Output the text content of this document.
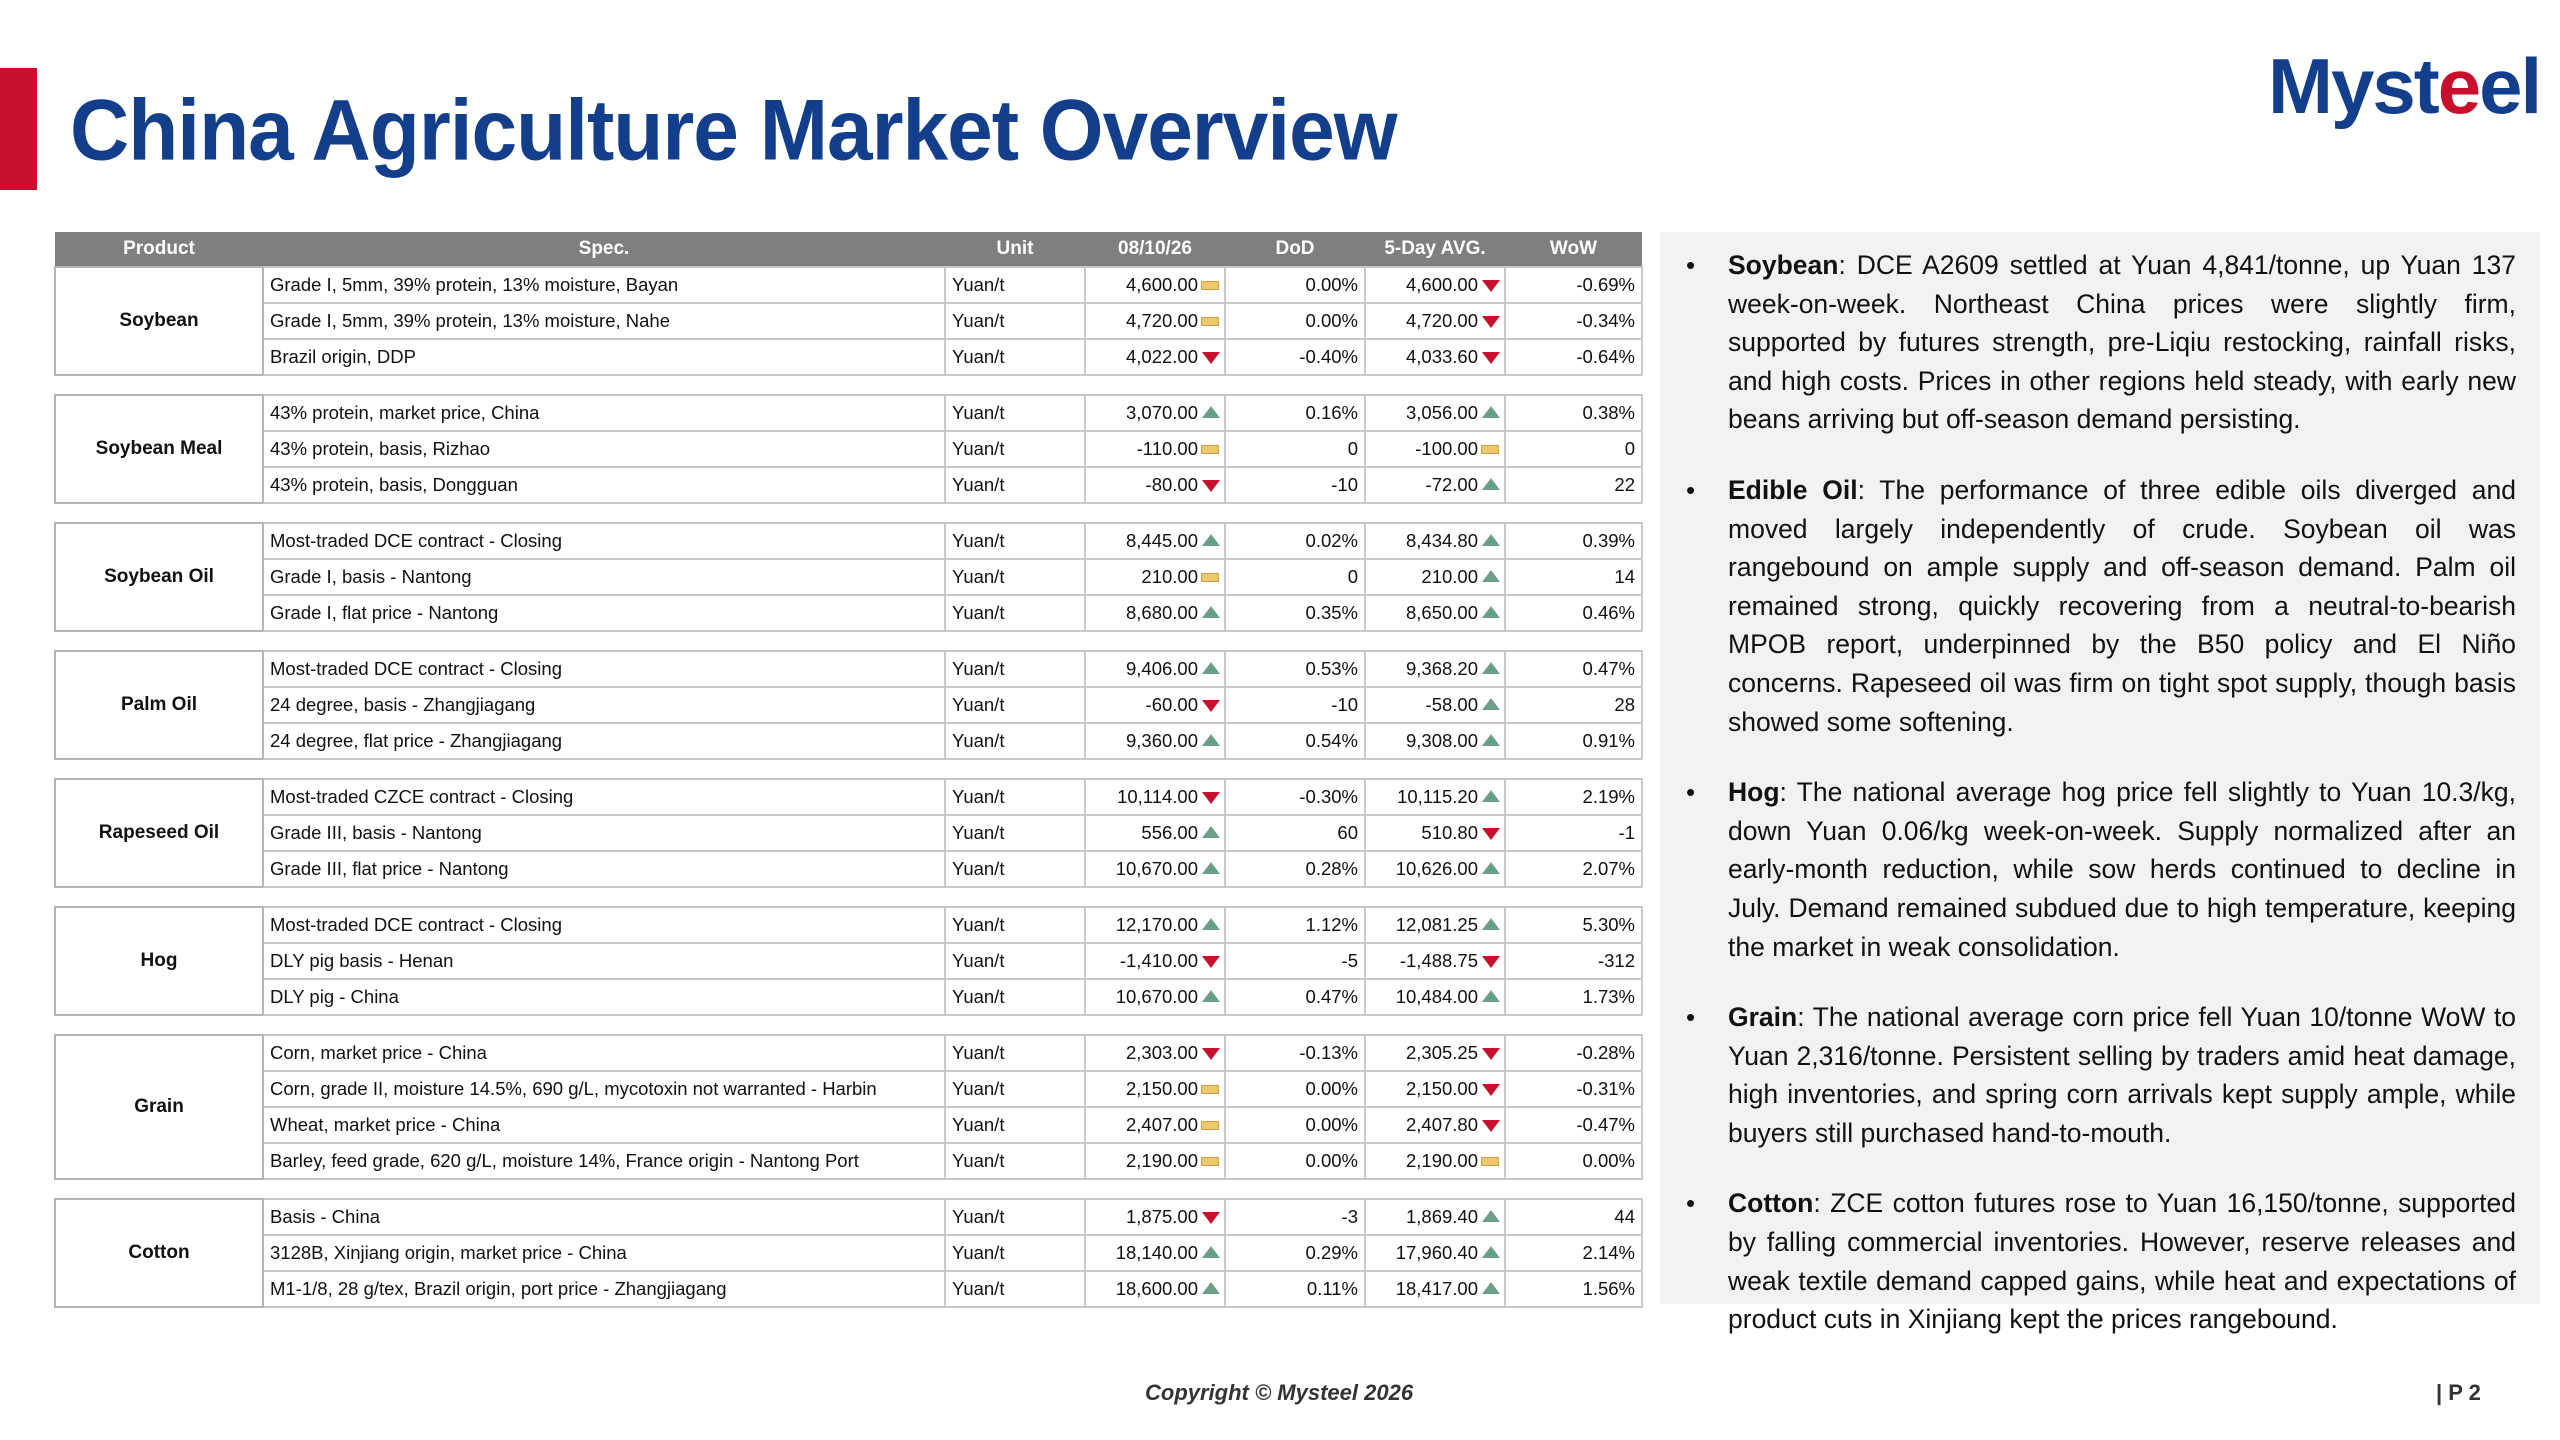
China Agriculture Market Overview	Myst e el
Product	Spec.	Unit	08/10/26	DoD	5-Day AVG.	WoW
Soybean	Grade I, 5mm, 39% protein, 13% moisture, Bayan	Yuan/t	4,600.00	0.00%	4,600.00	-0.69%
	Grade I, 5mm, 39% protein, 13% moisture, Nahe	Yuan/t	4,720.00	0.00%	4,720.00	-0.34%
	Brazil origin, DDP	Yuan/t	4,022.00	-0.40%	4,033.60	-0.64%

Soybean Meal	43% protein, market price, China	Yuan/t	3,070.00	0.16%	3,056.00	0.38%
	43% protein, basis, Rizhao	Yuan/t	-110.00	0	-100.00	0
	43% protein, basis, Dongguan	Yuan/t	-80.00	-10	-72.00	22

Soybean Oil	Most-traded DCE contract - Closing	Yuan/t	8,445.00	0.02%	8,434.80	0.39%
	Grade I, basis - Nantong	Yuan/t	210.00	0	210.00	14
	Grade I, flat price - Nantong	Yuan/t	8,680.00	0.35%	8,650.00	0.46%

Palm Oil	Most-traded DCE contract - Closing	Yuan/t	9,406.00	0.53%	9,368.20	0.47%
	24 degree, basis - Zhangjiagang	Yuan/t	-60.00	-10	-58.00	28
	24 degree, flat price - Zhangjiagang	Yuan/t	9,360.00	0.54%	9,308.00	0.91%

Rapeseed Oil	Most-traded CZCE contract - Closing	Yuan/t	10,114.00	-0.30%	10,115.20	2.19%
	Grade III, basis - Nantong	Yuan/t	556.00	60	510.80	-1
	Grade III, flat price - Nantong	Yuan/t	10,670.00	0.28%	10,626.00	2.07%

Hog	Most-traded DCE contract - Closing	Yuan/t	12,170.00	1.12%	12,081.25	5.30%
	DLY pig basis - Henan	Yuan/t	-1,410.00	-5	-1,488.75	-312
	DLY pig - China	Yuan/t	10,670.00	0.47%	10,484.00	1.73%

Grain	Corn, market price - China	Yuan/t	2,303.00	-0.13%	2,305.25	-0.28%
	Corn, grade II, moisture 14.5%, 690 g/L, mycotoxin not warranted - Harbin	Yuan/t	2,150.00	0.00%	2,150.00	-0.31%
	Wheat, market price - China	Yuan/t	2,407.00	0.00%	2,407.80	-0.47%
	Barley, feed grade, 620 g/L, moisture 14%, France origin - Nantong Port	Yuan/t	2,190.00	0.00%	2,190.00	0.00%

Cotton	Basis - China	Yuan/t	1,875.00	-3	1,869.40	44
	3128B, Xinjiang origin, market price - China	Yuan/t	18,140.00	0.29%	17,960.40	2.14%
	M1-1/8, 28 g/tex, Brazil origin, port price - Zhangjiagang	Yuan/t	18,600.00	0.11%	18,417.00	1.56%
• Soybean: DCE A2609 settled at Yuan 4,841/tonne, up Yuan 137 week-on-week. Northeast China prices were slightly firm, supported by futures strength, pre-Liqiu restocking, rainfall risks, and high costs. Prices in other regions held steady, with early new beans arriving but off-season demand persisting.
• Edible Oil: The performance of three edible oils diverged and moved largely independently of crude. Soybean oil was rangebound on ample supply and off-season demand. Palm oil remained strong, quickly recovering from a neutral-to-bearish MPOB report, underpinned by the B50 policy and El Niño concerns. Rapeseed oil was firm on tight spot supply, though basis showed some softening.
• Hog: The national average hog price fell slightly to Yuan 10.3/kg, down Yuan 0.06/kg week-on-week. Supply normalized after an early-month reduction, while sow herds continued to decline in July. Demand remained subdued due to high temperature, keeping the market in weak consolidation.
• Grain: The national average corn price fell Yuan 10/tonne WoW to Yuan 2,316/tonne. Persistent selling by traders amid heat damage, high inventories, and spring corn arrivals kept supply ample, while buyers still purchased hand-to-mouth.
• Cotton: ZCE cotton futures rose to Yuan 16,150/tonne, supported by falling commercial inventories. However, reserve releases and weak textile demand capped gains, while heat and expectations of product cuts in Xinjiang kept the prices rangebound.
Copyright © Mysteel 2026	| P 2
